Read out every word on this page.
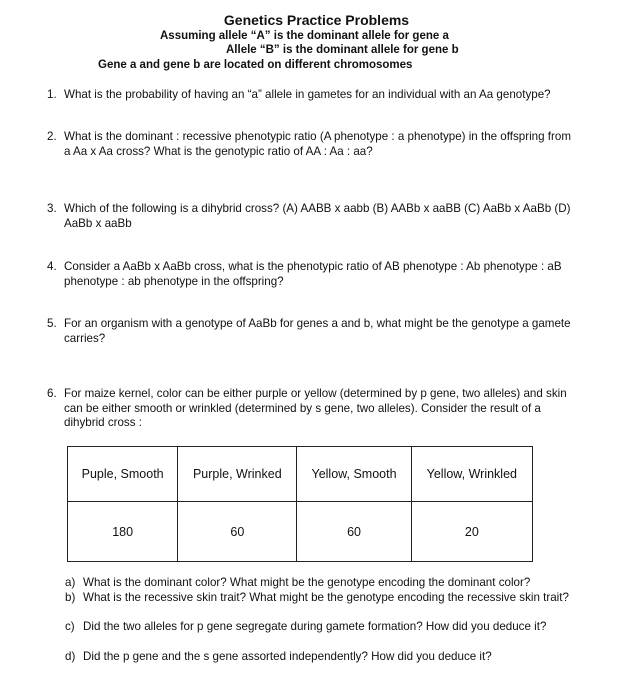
Genetics Practice Problems
Assuming allele “A” is the dominant allele for gene a
Allele “B” is the dominant allele for gene b
Gene a and gene b are located on different chromosomes
1. What is the probability of having an “a” allele in gametes for an individual with an Aa genotype?
2. What is the dominant : recessive phenotypic ratio (A phenotype : a phenotype) in the offspring from a Aa x Aa cross? What is the genotypic ratio of AA : Aa : aa?
3. Which of the following is a dihybrid cross? (A) AABB x aabb (B) AABb x aaBB (C) AaBb x AaBb (D) AaBb x aaBb
4. Consider a AaBb x AaBb cross, what is the phenotypic ratio of AB phenotype : Ab phenotype : aB phenotype : ab phenotype in the offspring?
5. For an organism with a genotype of AaBb for genes a and b, what might be the genotype a gamete carries?
6. For maize kernel, color can be either purple or yellow (determined by p gene, two alleles) and skin can be either smooth or wrinkled (determined by s gene, two alleles). Consider the result of a dihybrid cross :
Puple, Smooth	Purple, Wrinked	Yellow, Smooth	Yellow, Wrinkled
180	60	60	20
a) What is the dominant color? What might be the genotype encoding the dominant color?
b) What is the recessive skin trait? What might be the genotype encoding the recessive skin trait?
c) Did the two alleles for p gene segregate during gamete formation? How did you deduce it?
d) Did the p gene and the s gene assorted independently? How did you deduce it?
